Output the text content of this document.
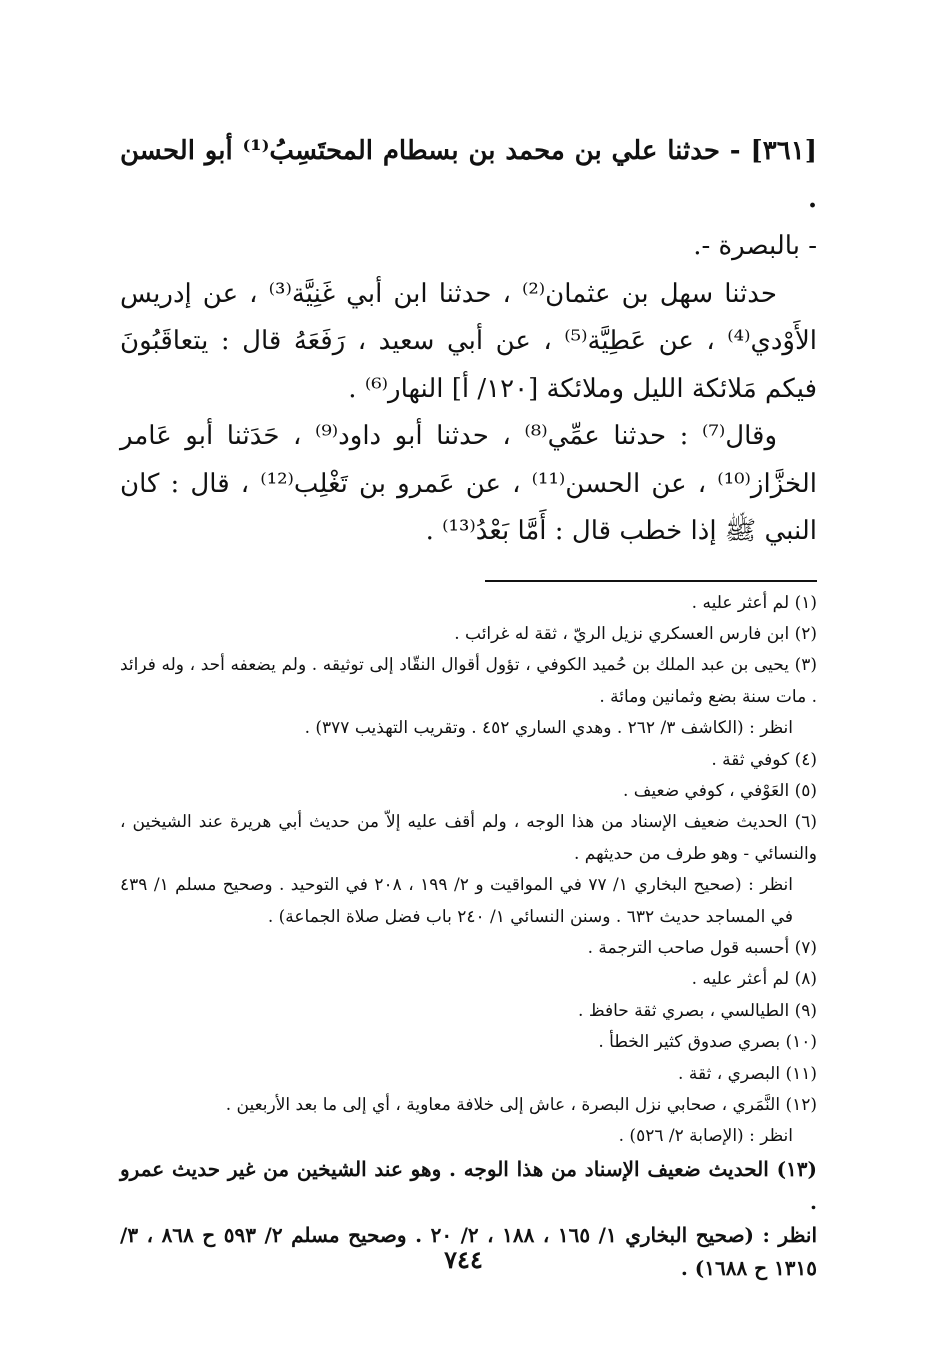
[٣٦١] - حدثنا علي بن محمد بن بسطام المحتَسِبُ⁽¹⁾ أبو الحسن .

- بالبصرة -.

حدثنا سهل بن عثمان⁽²⁾ ، حدثنا ابن أبي غَنِيَّة⁽³⁾ ، عن إدريس الأَوْدي⁽⁴⁾ ، عن عَطِيَّة⁽⁵⁾ ، عن أبي سعيد ، رَفَعَهُ قال : يتعاقَبُونَ فيكم مَلائكة الليل وملائكة [١٢٠/ أ] النهار⁽⁶⁾ .

وقال⁽⁷⁾ : حدثنا عمِّي⁽⁸⁾ ، حدثنا أبو داود⁽⁹⁾ ، حَدَثنا أبو عَامر الخزَّاز⁽¹⁰⁾ ، عن الحسن⁽¹¹⁾ ، عن عَمرو بن تَغْلِب⁽¹²⁾ ، قال : كان النبي ﷺ إذا خطب قال : أَمَّا بَعْدُ⁽¹³⁾ .

(١) لم أعثر عليه .

(٢) ابن فارس العسكري نزيل الريّ ، ثقة له غرائب .

(٣) يحيى بن عبد الملك بن حُميد الكوفي ، تؤول أقوال النقّاد إلى توثيقه . ولم يضعفه أحد ، وله فرائد . مات سنة بضع وثمانين ومائة .

انظر : (الكاشف ٣/ ٢٦٢ . وهدي الساري ٤٥٢ . وتقريب التهذيب ٣٧٧) .

(٤) كوفي ثقة .

(٥) العَوْفي ، كوفي ضعيف .

(٦) الحديث ضعيف الإسناد من هذا الوجه ، ولم أقف عليه إلاّ من حديث أبي هريرة عند الشيخين ، والنسائي - وهو طرف من حديثهم .

انظر : (صحيح البخاري ١/ ٧٧ في المواقيت و ٢/ ١٩٩ ، ٢٠٨ في التوحيد . وصحيح مسلم ١/ ٤٣٩ في المساجد حديث ٦٣٢ . وسنن النسائي ١/ ٢٤٠ باب فضل صلاة الجماعة) .

(٧) أحسبه قول صاحب الترجمة .

(٨) لم أعثر عليه .

(٩) الطيالسي ، بصري ثقة حافظ .

(١٠) بصري صدوق كثير الخطأ .

(١١) البصري ، ثقة .

(١٢) النَّمَري ، صحابي نزل البصرة ، عاش إلى خلافة معاوية ، أي إلى ما بعد الأربعين .

انظر : (الإصابة ٢/ ٥٢٦) .

(١٣) الحديث ضعيف الإسناد من هذا الوجه . وهو عند الشيخين من غير حديث عمرو .

انظر : (صحيح البخاري ١/ ١٦٥ ، ١٨٨ ، ٢/ ٢٠ . وصحيح مسلم ٢/ ٥٩٣ ح ٨٦٨ ، ٣/ ١٣١٥ ح ١٦٨٨) .

٧٤٤
